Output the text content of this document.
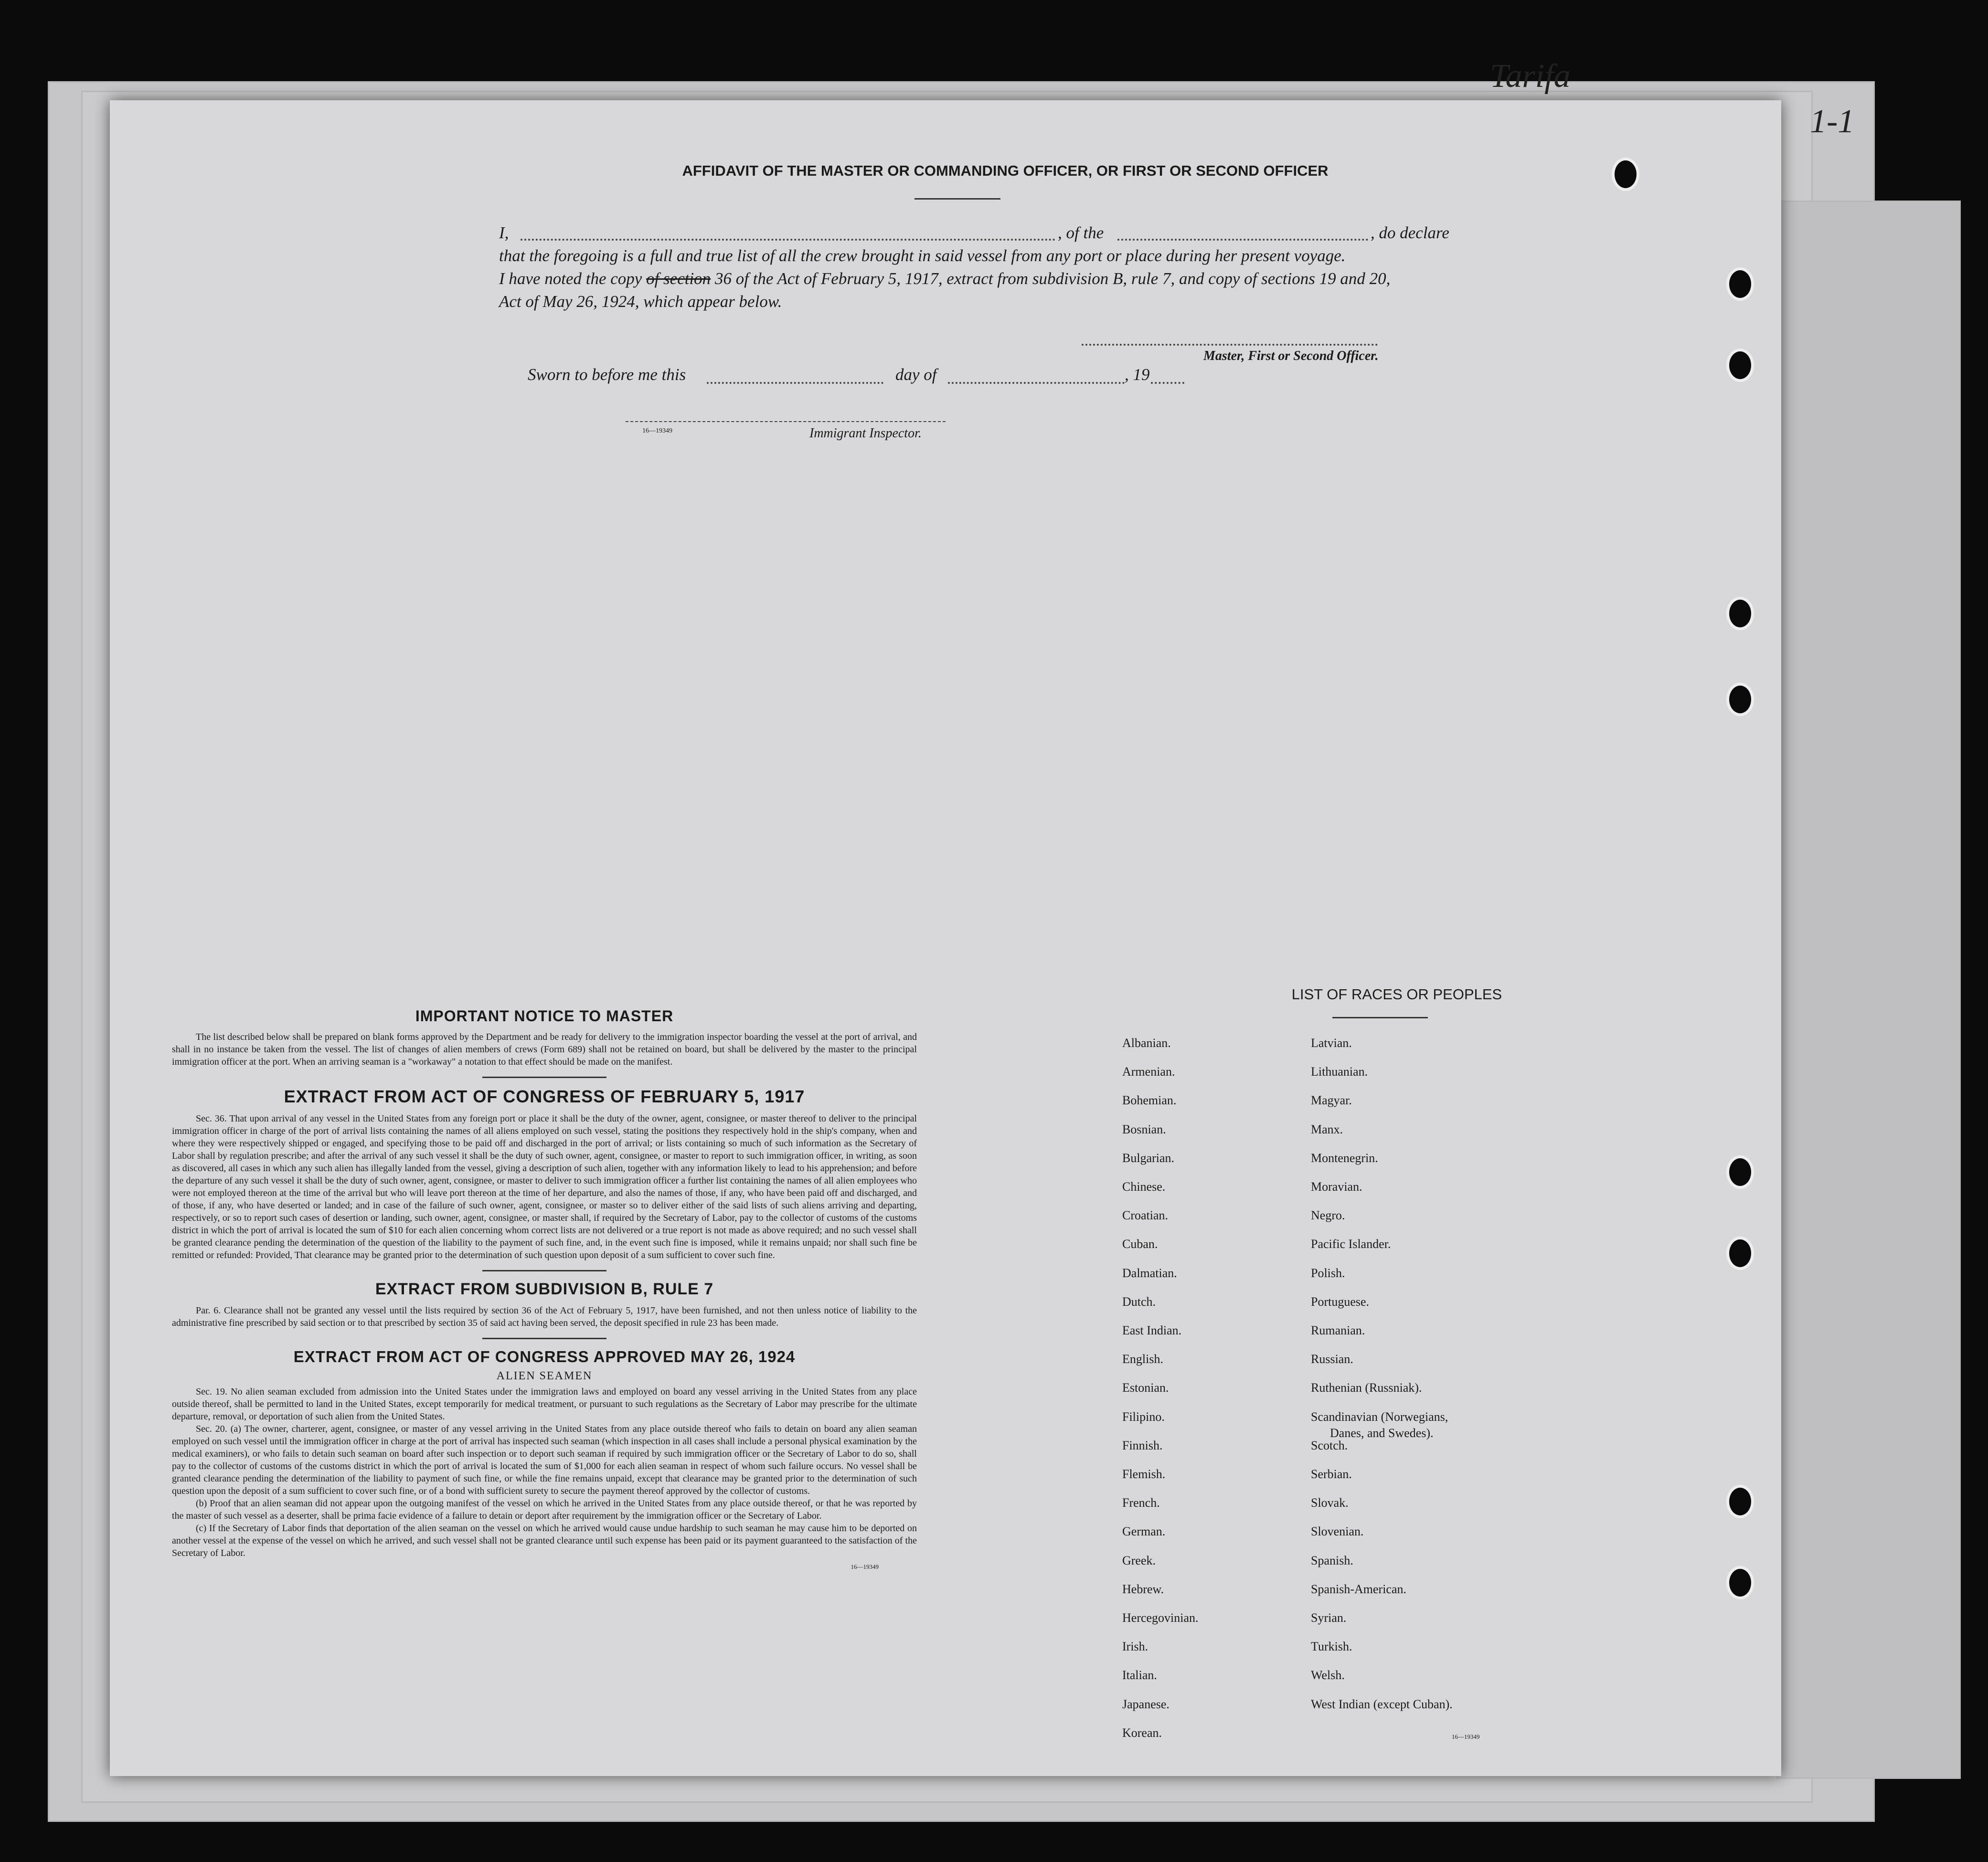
Tarifa
1-1
AFFIDAVIT OF THE MASTER OR COMMANDING OFFICER, OR FIRST OR SECOND OFFICER
I,	, of the	, do declare
that the foregoing is a full and true list of all the crew brought in said vessel from any port or place during her present voyage.
I have noted the copy of section 36 of the Act of February 5, 1917, extract from subdivision B, rule 7, and copy of sections 19 and 20,
Act of May 26, 1924, which appear below.
Master, First or Second Officer.
Sworn to before me this	day of	, 19
16—19349	Immigrant Inspector.
IMPORTANT NOTICE TO MASTER
The list described below shall be prepared on blank forms approved by the Department and be ready for delivery to the immigration inspector boarding the vessel at the port of arrival, and shall in no instance be taken from the vessel. The list of changes of alien members of crews (Form 689) shall not be retained on board, but shall be delivered by the master to the principal immigration officer at the port. When an arriving seaman is a "workaway" a notation to that effect should be made on the manifest.
EXTRACT FROM ACT OF CONGRESS OF FEBRUARY 5, 1917
Sec. 36. That upon arrival of any vessel in the United States from any foreign port or place it shall be the duty of the owner, agent, consignee, or master thereof to deliver to the principal immigration officer in charge of the port of arrival lists containing the names of all aliens employed on such vessel, stating the positions they respectively hold in the ship's company, when and where they were respectively shipped or engaged, and specifying those to be paid off and discharged in the port of arrival; or lists containing so much of such information as the Secretary of Labor shall by regulation prescribe; and after the arrival of any such vessel it shall be the duty of such owner, agent, consignee, or master to report to such immigration officer, in writing, as soon as discovered, all cases in which any such alien has illegally landed from the vessel, giving a description of such alien, together with any information likely to lead to his apprehension; and before the departure of any such vessel it shall be the duty of such owner, agent, consignee, or master to deliver to such immigration officer a further list containing the names of all alien employees who were not employed thereon at the time of the arrival but who will leave port thereon at the time of her departure, and also the names of those, if any, who have been paid off and discharged, and of those, if any, who have deserted or landed; and in case of the failure of such owner, agent, consignee, or master so to deliver either of the said lists of such aliens arriving and departing, respectively, or so to report such cases of desertion or landing, such owner, agent, consignee, or master shall, if required by the Secretary of Labor, pay to the collector of customs of the customs district in which the port of arrival is located the sum of $10 for each alien concerning whom correct lists are not delivered or a true report is not made as above required; and no such vessel shall be granted clearance pending the determination of the question of the liability to the payment of such fine, and, in the event such fine is imposed, while it remains unpaid; nor shall such fine be remitted or refunded: Provided, That clearance may be granted prior to the determination of such question upon deposit of a sum sufficient to cover such fine.
EXTRACT FROM SUBDIVISION B, RULE 7
Par. 6. Clearance shall not be granted any vessel until the lists required by section 36 of the Act of February 5, 1917, have been furnished, and not then unless notice of liability to the administrative fine prescribed by said section or to that prescribed by section 35 of said act having been served, the deposit specified in rule 23 has been made.
EXTRACT FROM ACT OF CONGRESS APPROVED MAY 26, 1924
ALIEN SEAMEN
Sec. 19. No alien seaman excluded from admission into the United States under the immigration laws and employed on board any vessel arriving in the United States from any place outside thereof, shall be permitted to land in the United States, except temporarily for medical treatment, or pursuant to such regulations as the Secretary of Labor may prescribe for the ultimate departure, removal, or deportation of such alien from the United States.
Sec. 20. (a) The owner, charterer, agent, consignee, or master of any vessel arriving in the United States from any place outside thereof who fails to detain on board any alien seaman employed on such vessel until the immigration officer in charge at the port of arrival has inspected such seaman (which inspection in all cases shall include a personal physical examination by the medical examiners), or who fails to detain such seaman on board after such inspection or to deport such seaman if required by such immigration officer or the Secretary of Labor to do so, shall pay to the collector of customs of the customs district in which the port of arrival is located the sum of $1,000 for each alien seaman in respect of whom such failure occurs. No vessel shall be granted clearance pending the determination of the liability to payment of such fine, or while the fine remains unpaid, except that clearance may be granted prior to the determination of such question upon the deposit of a sum sufficient to cover such fine, or of a bond with sufficient surety to secure the payment thereof approved by the collector of customs.
(b) Proof that an alien seaman did not appear upon the outgoing manifest of the vessel on which he arrived in the United States from any place outside thereof, or that he was reported by the master of such vessel as a deserter, shall be prima facie evidence of a failure to detain or deport after requirement by the immigration officer or the Secretary of Labor.
(c) If the Secretary of Labor finds that deportation of the alien seaman on the vessel on which he arrived would cause undue hardship to such seaman he may cause him to be deported on another vessel at the expense of the vessel on which he arrived, and such vessel shall not be granted clearance until such expense has been paid or its payment guaranteed to the satisfaction of the Secretary of Labor.
16—19349
LIST OF RACES OR PEOPLES
Albanian.
Armenian.
Bohemian.
Bosnian.
Bulgarian.
Chinese.
Croatian.
Cuban.
Dalmatian.
Dutch.
East Indian.
English.
Estonian.
Filipino.
Finnish.
Flemish.
French.
German.
Greek.
Hebrew.
Hercegovinian.
Irish.
Italian.
Japanese.
Korean.
Latvian.
Lithuanian.
Magyar.
Manx.
Montenegrin.
Moravian.
Negro.
Pacific Islander.
Polish.
Portuguese.
Rumanian.
Russian.
Ruthenian (Russniak).
Scandinavian (Norwegians,
Danes, and Swedes).
Scotch.
Serbian.
Slovak.
Slovenian.
Spanish.
Spanish-American.
Syrian.
Turkish.
Welsh.
West Indian (except Cuban).
16—19349
